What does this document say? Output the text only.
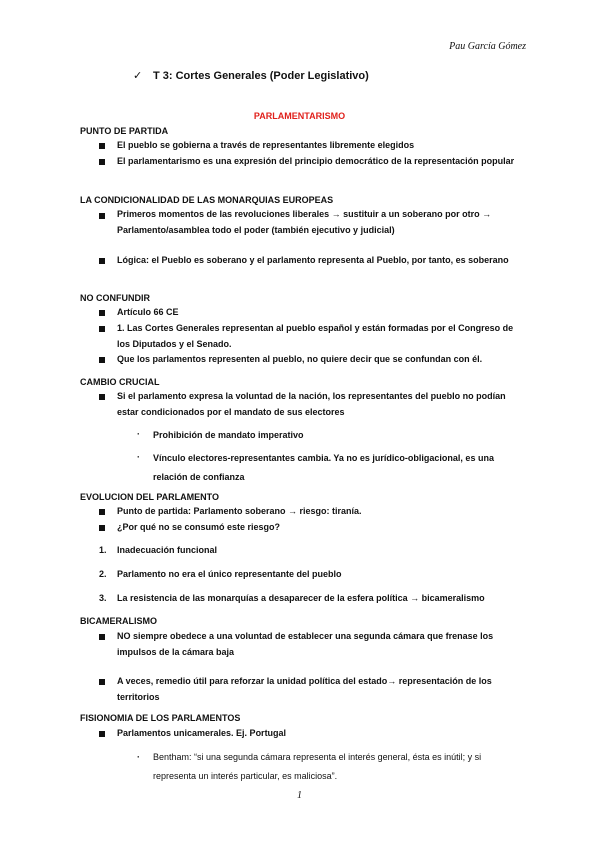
Pau García Gómez
✓ T 3: Cortes Generales (Poder Legislativo)
PARLAMENTARISMO
PUNTO DE PARTIDA
El pueblo se gobierna a través de representantes libremente elegidos
El parlamentarismo es una expresión del principio democrático de la representación popular
LA CONDICIONALIDAD DE LAS MONARQUIAS EUROPEAS
Primeros momentos de las revoluciones liberales → sustituir a un soberano por otro → Parlamento/asamblea todo el poder (también ejecutivo y judicial)
Lógica: el Pueblo es soberano y el parlamento representa al Pueblo, por tanto, es soberano
NO CONFUNDIR
Artículo 66 CE
1. Las Cortes Generales representan al pueblo español y están formadas por el Congreso de los Diputados y el Senado.
Que los parlamentos representen al pueblo, no quiere decir que se confundan con él.
CAMBIO CRUCIAL
Si el parlamento expresa la voluntad de la nación, los representantes del pueblo no podían estar condicionados por el mandato de sus electores
· Prohibición de mandato imperativo
· Vínculo electores-representantes cambia. Ya no es jurídico-obligacional, es una relación de confianza
EVOLUCION DEL PARLAMENTO
Punto de partida: Parlamento soberano → riesgo: tiranía.
¿Por qué no se consumó este riesgo?
1. Inadecuación funcional
2. Parlamento no era el único representante del pueblo
3. La resistencia de las monarquías a desaparecer de la esfera política → bicameralismo
BICAMERALISMO
NO siempre obedece a una voluntad de establecer una segunda cámara que frenase los impulsos de la cámara baja
A veces, remedio útil para reforzar la unidad política del estado→ representación de los territorios
FISIONOMIA DE LOS PARLAMENTOS
Parlamentos unicamerales. Ej. Portugal
· Bentham: “si una segunda cámara representa el interés general, ésta es inútil; y si representa un interés particular, es maliciosa”.
1
